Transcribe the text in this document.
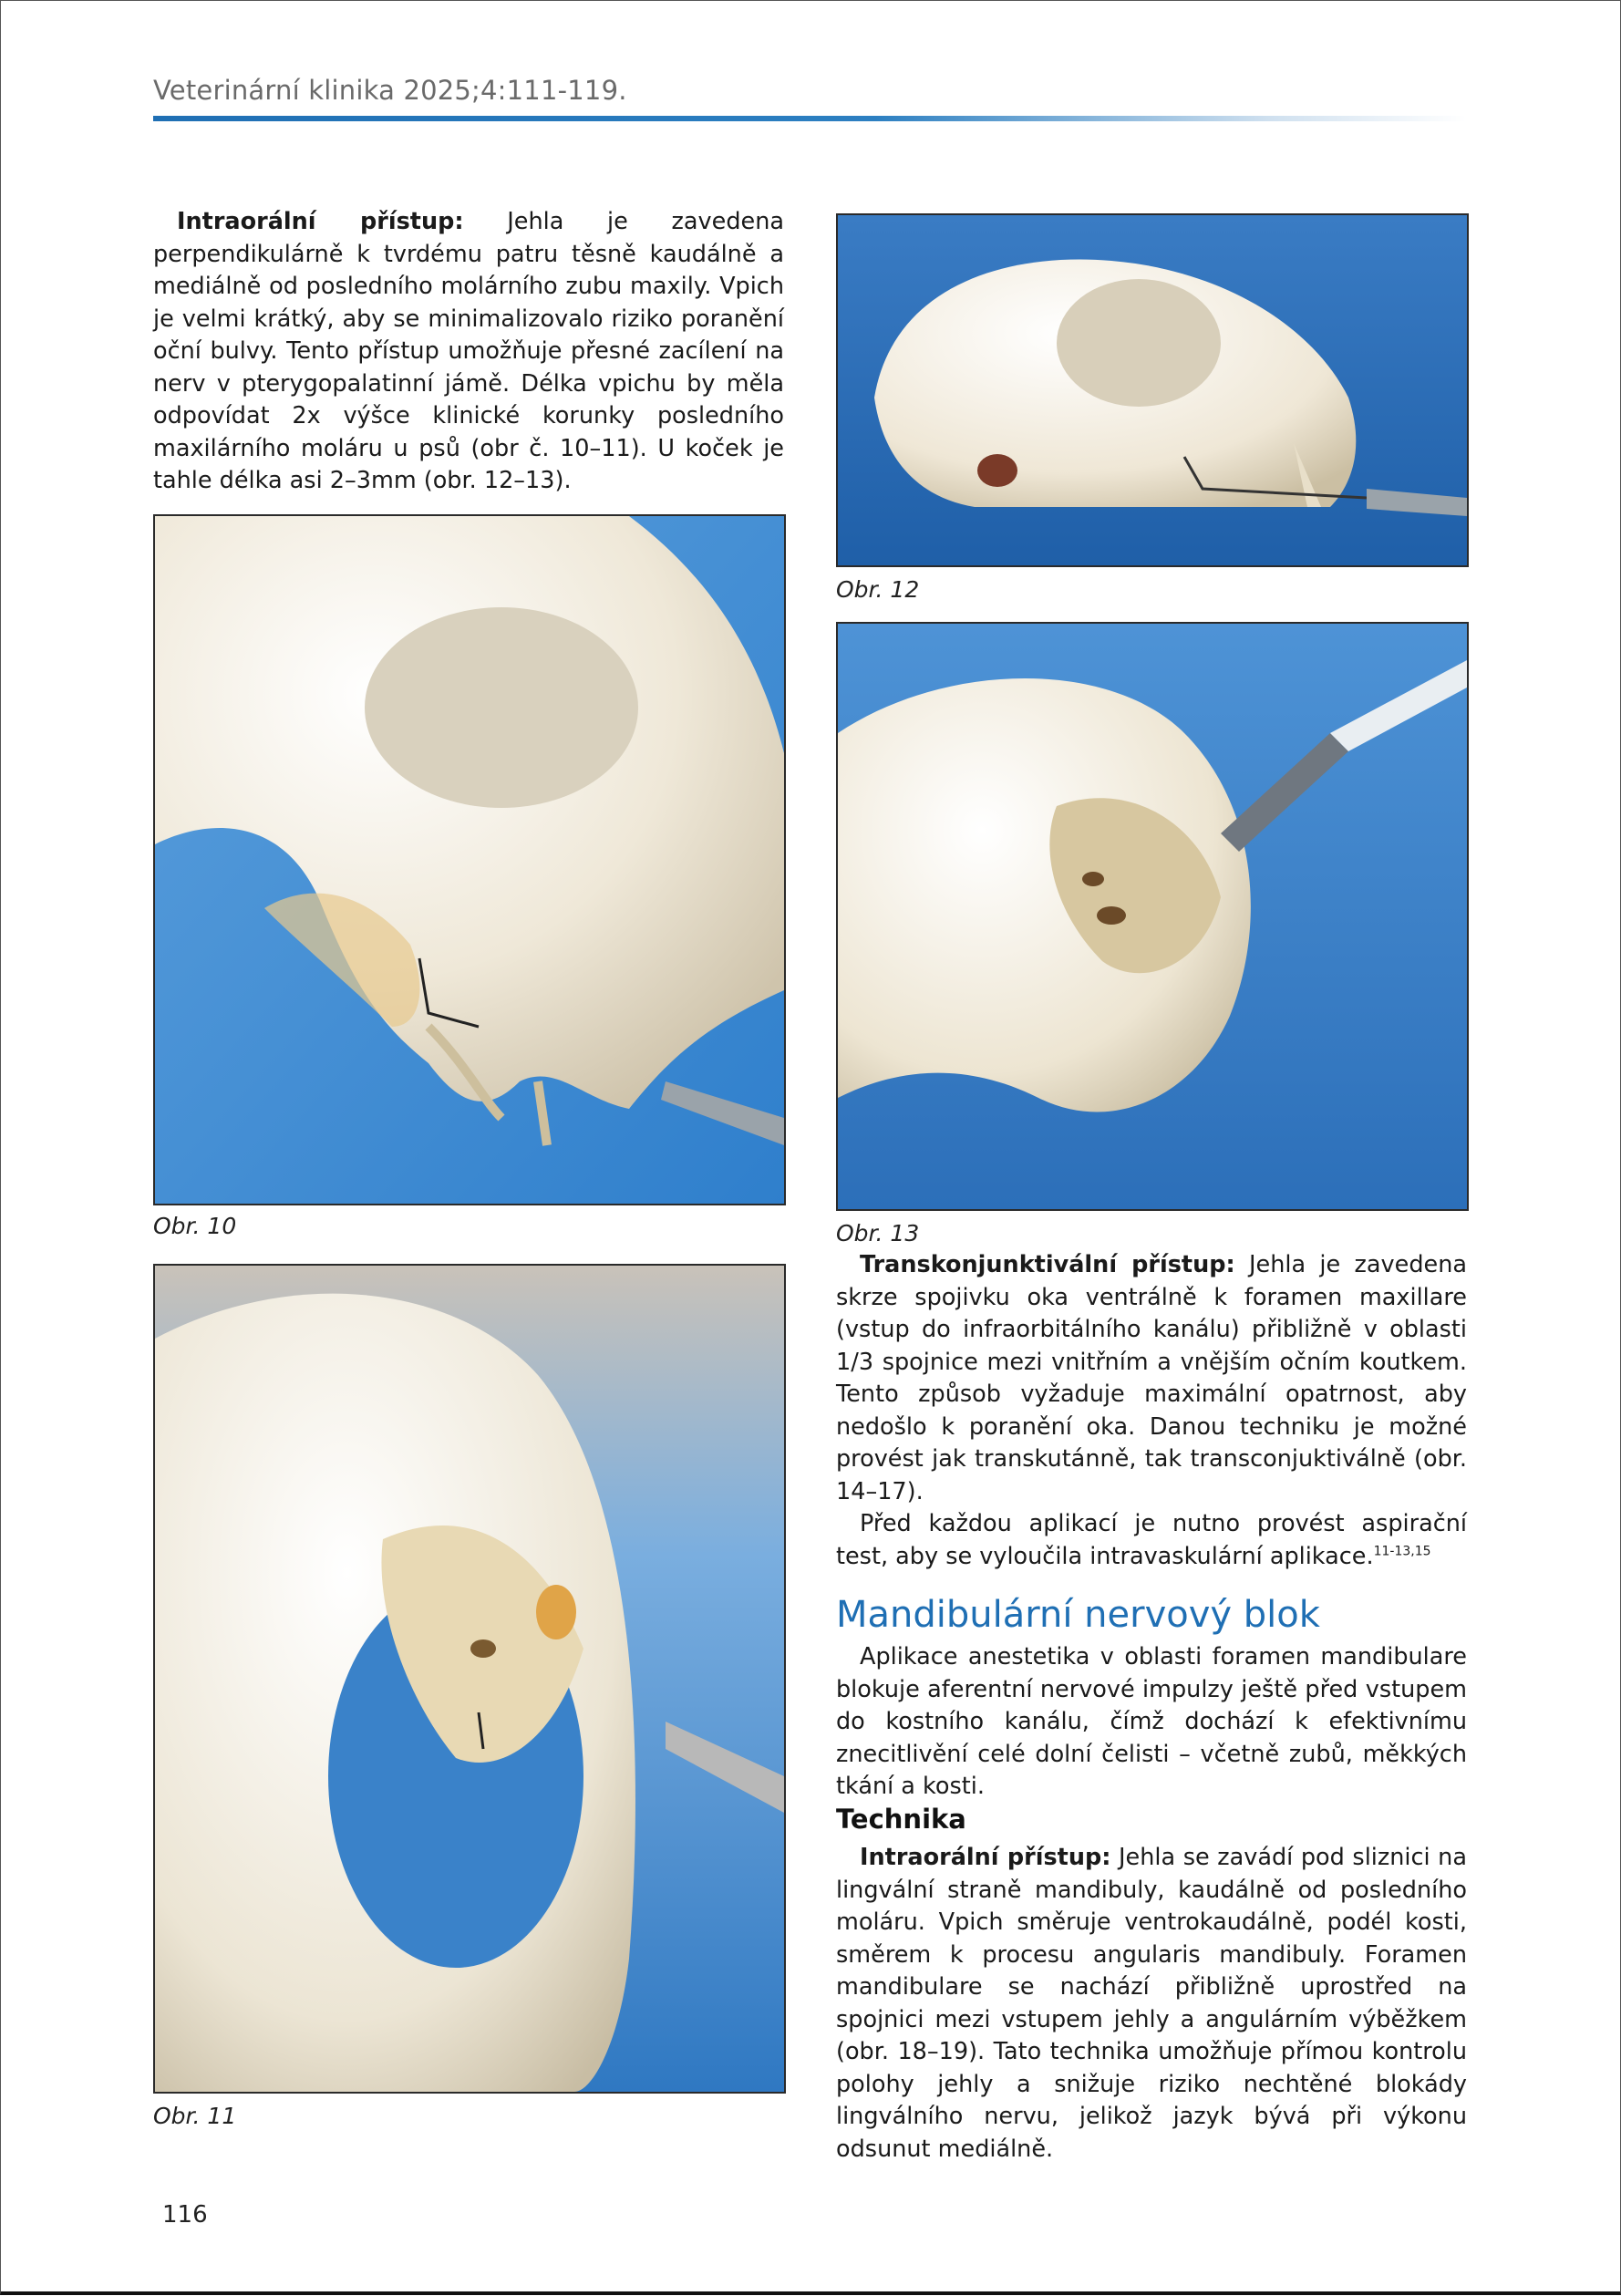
Veterinární klinika 2025;4:111-119.

Intraorální přístup: Jehla je zavedena perpendikulárně k tvrdému patru těsně kaudálně a mediálně od posledního molárního zubu maxily. Vpich je velmi krátký, aby se minimalizovalo riziko poranění oční bulvy. Tento přístup umožňuje přesné zacílení na nerv v pterygopalatinní jámě. Délka vpichu by měla odpovídat 2x výšce klinické korunky posledního maxilárního moláru u psů (obr č. 10–11). U koček je tahle délka asi 2–3mm (obr. 12–13).

Obr. 10
Obr. 11
Obr. 12
Obr. 13

Transkonjunktivální přístup: Jehla je zavedena skrze spojivku oka ventrálně k foramen maxillare (vstup do infraorbitálního kanálu) přibližně v oblasti 1/3 spojnice mezi vnitřním a vnějším očním koutkem. Tento způsob vyžaduje maximální opatrnost, aby nedošlo k poranění oka. Danou techniku je možné provést jak transkutánně, tak transconjuktiválně (obr. 14–17).

Před každou aplikací je nutno provést aspirační test, aby se vyloučila intravaskulární aplikace.$^{11-13,15}$

Mandibulární nervový blok

Aplikace anestetika v oblasti foramen mandibulare blokuje aferentní nervové impulzy ještě před vstupem do kostního kanálu, čímž dochází k efektivnímu znecitlivění celé dolní čelisti – včetně zubů, měkkých tkání a kosti.

Technika

Intraorální přístup: Jehla se zavádí pod sliznici na lingvální straně mandibuly, kaudálně od posledního moláru. Vpich směruje ventrokaudálně, podél kosti, směrem k procesu angularis mandibuly. Foramen mandibulare se nachází přibližně uprostřed na spojnici mezi vstupem jehly a angulárním výběžkem (obr. 18–19). Tato technika umožňuje přímou kontrolu polohy jehly a snižuje riziko nechtěné blokády lingválního nervu, jelikož jazyk bývá při výkonu odsunut mediálně.

116
